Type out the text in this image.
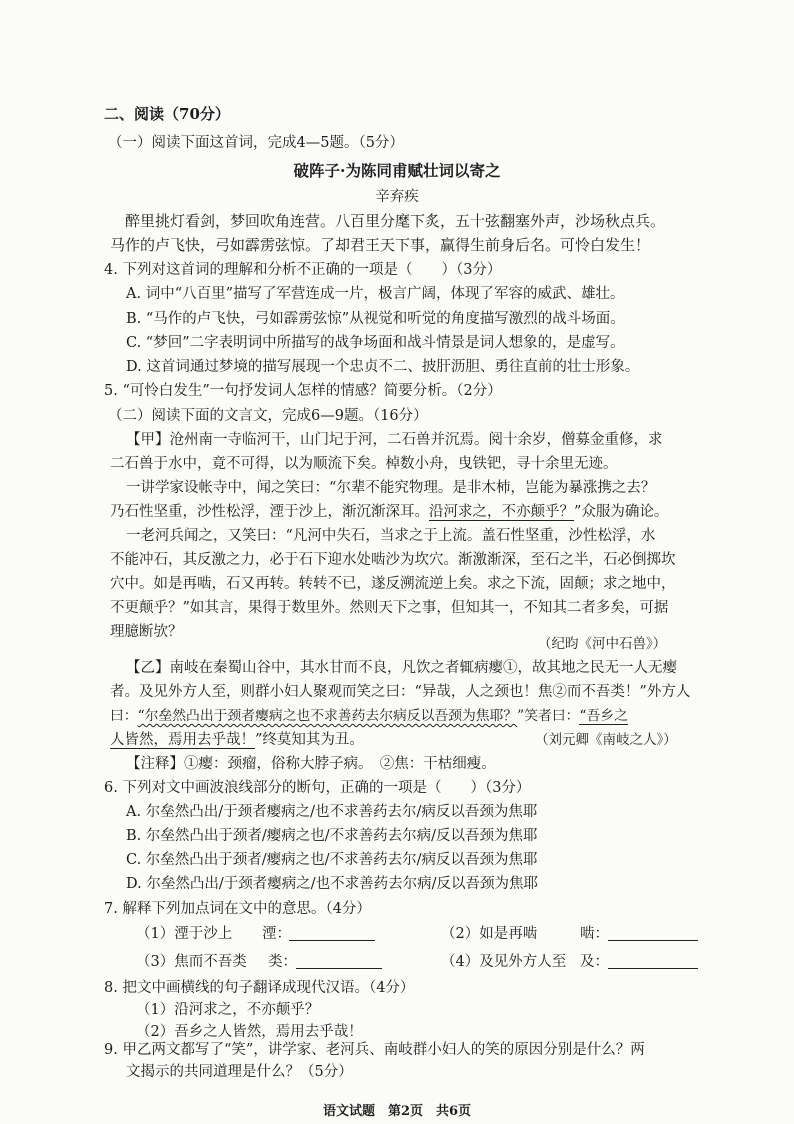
二、阅读（70分）
（一）阅读下面这首词，完成4—5题。（5分）
破阵子·为陈同甫赋壮词以寄之
辛弃疾
醉里挑灯看剑，梦回吹角连营。八百里分麾下炙，五十弦翻塞外声，沙场秋点兵。
马作的卢飞快，弓如霹雳弦惊。了却君王天下事，赢得生前身后名。可怜白发生！
4. 下列对这首词的理解和分析不正确的一项是（　　）（3分）
A. 词中“八百里”描写了军营连成一片，极言广阔，体现了军容的威武、雄壮。
B. “马作的卢飞快，弓如霹雳弦惊”从视觉和听觉的角度描写激烈的战斗场面。
C. “梦回”二字表明词中所描写的战争场面和战斗情景是词人想象的，是虚写。
D. 这首词通过梦境的描写展现一个忠贞不二、披肝沥胆、勇往直前的壮士形象。
5. “可怜白发生”一句抒发词人怎样的情感？简要分析。（2分）
（二）阅读下面的文言文，完成6—9题。（16分）
【甲】沧州南一寺临河干，山门圮于河，二石兽并沉焉。阅十余岁，僧募金重修，求
二石兽于水中，竟不可得，以为顺流下矣。棹数小舟，曳铁钯，寻十余里无迹。
一讲学家设帐寺中，闻之笑曰：“尔辈不能究物理。是非木杮，岂能为暴涨携之去？
乃石性坚重，沙性松浮，湮于沙上，渐沉渐深耳。沿河求之，不亦颠乎？”众服为确论。
一老河兵闻之，又笑曰：“凡河中失石，当求之于上流。盖石性坚重，沙性松浮，水
不能冲石，其反激之力，必于石下迎水处啮沙为坎穴。渐激渐深，至石之半，石必倒掷坎
穴中。如是再啮，石又再转。转转不已，遂反溯流逆上矣。求之下流，固颠；求之地中，
不更颠乎？”如其言，果得于数里外。然则天下之事，但知其一，不知其二者多矣，可据
理臆断欤？
（纪昀《河中石兽》）
【乙】南岐在秦蜀山谷中，其水甘而不良，凡饮之者辄病瘿①，故其地之民无一人无瘿
者。及见外方人至，则群小妇人聚观而笑之曰：“异哉，人之颈也！焦②而不吾类！”外方人
曰：“尔垒然凸出于颈者瘿病之也不求善药去尔病反以吾颈为焦耶？”笑者曰：“吾乡之
人皆然，焉用去乎哉！”终莫知其为丑。	（刘元卿《南岐之人》）
【注释】①瘿：颈瘤，俗称大脖子病。　②焦：干枯细瘦。
6. 下列对文中画波浪线部分的断句，正确的一项是（　　）（3分）
A. 尔垒然凸出/于颈者瘿病之/也不求善药去尔/病反以吾颈为焦耶
B. 尔垒然凸出于颈者/瘿病之也/不求善药去尔病/反以吾颈为焦耶
C. 尔垒然凸出于颈者/瘿病之也/不求善药去尔/病反以吾颈为焦耶
D. 尔垒然凸出/于颈者瘿病之/也不求善药去尔病/反以吾颈为焦耶
7. 解释下列加点词在文中的意思。（4分）
（1）湮于沙上 湮：	（2）如是再啮	啮：
（3）焦而不吾类 类：	（4）及见外方人至 及：
8. 把文中画横线的句子翻译成现代汉语。（4分）
（1）沿河求之，不亦颠乎？
（2）吾乡之人皆然，焉用去乎哉！
语文试题　第2页　共6页
9. 甲乙两文都写了“笑”，讲学家、老河兵、南岐群小妇人的笑的原因分别是什么？两
文揭示的共同道理是什么？（5分）
